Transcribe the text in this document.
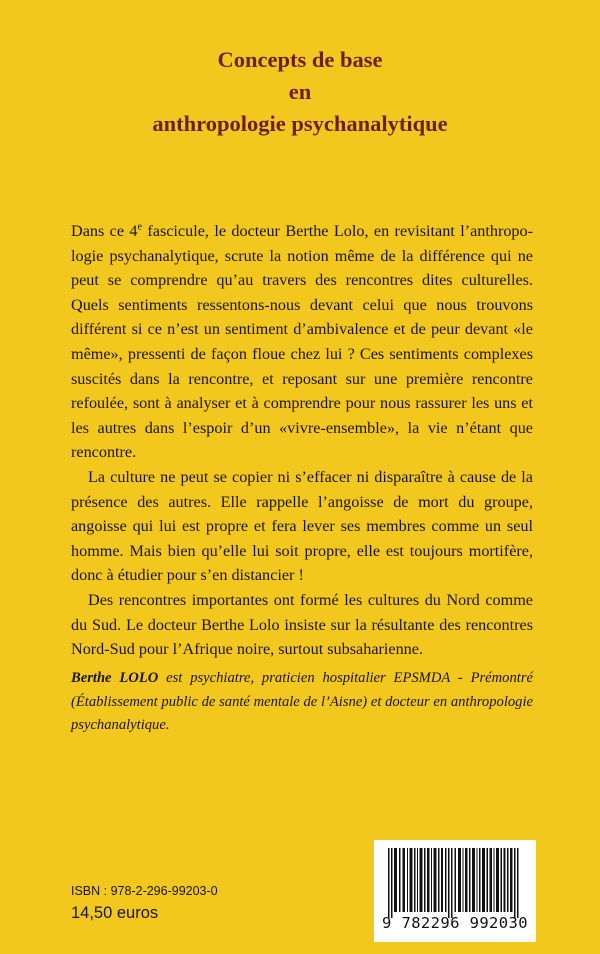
Concepts de base
en
anthropologie psychanalytique

Dans ce 4e fascicule, le docteur Berthe Lolo, en revisitant l’anthropologie psychanalytique, scrute la notion même de la différence qui ne peut se comprendre qu’au travers des rencontres dites culturelles. Quels sentiments ressentons-nous devant celui que nous trouvons différent si ce n’est un sentiment d’ambivalence et de peur devant «le même», pressenti de façon floue chez lui ? Ces sentiments complexes suscités dans la rencontre, et reposant sur une première rencontre refoulée, sont à analyser et à comprendre pour nous rassurer les uns et les autres dans l’espoir d’un «vivre-ensemble», la vie n’étant que rencontre.

La culture ne peut se copier ni s’effacer ni disparaître à cause de la présence des autres. Elle rappelle l’angoisse de mort du groupe, angoisse qui lui est propre et fera lever ses membres comme un seul homme. Mais bien qu’elle lui soit propre, elle est toujours mortifère, donc à étudier pour s’en distancier !

Des rencontres importantes ont formé les cultures du Nord comme du Sud. Le docteur Berthe Lolo insiste sur la résultante des rencontres Nord-Sud pour l’Afrique noire, surtout subsaharienne.

Berthe LOLO est psychiatre, praticien hospitalier EPSMDA - Prémontré (Établissement public de santé mentale de l’Aisne) et docteur en anthropologie psychanalytique.
ISBN : 978-2-296-99203-0
14,50 euros
9 782296 992030
